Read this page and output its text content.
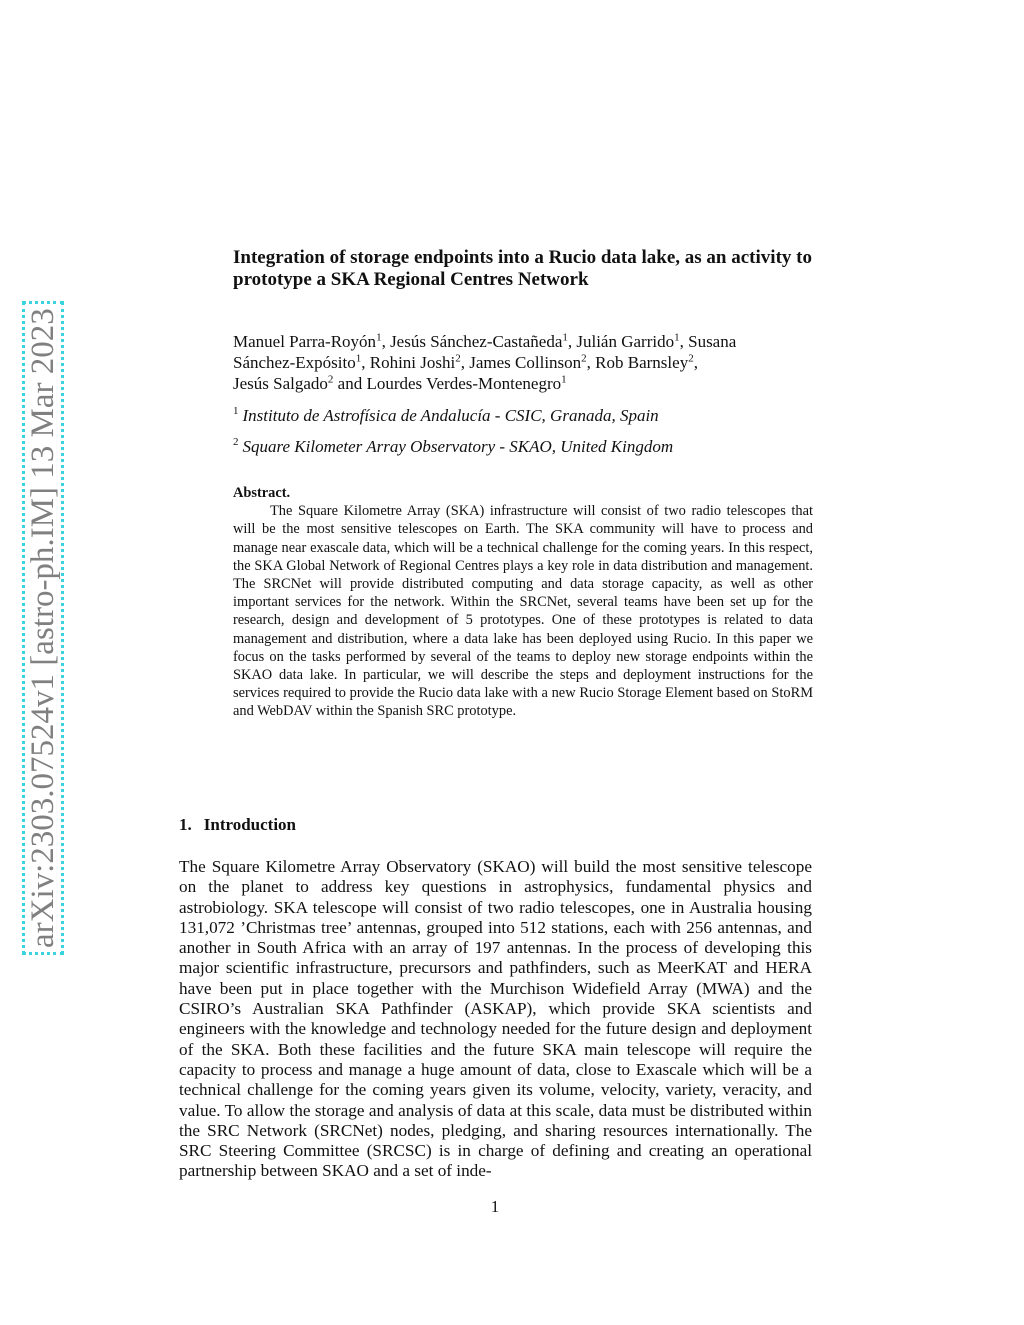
arXiv:2303.07524v1 [astro-ph.IM] 13 Mar 2023
Integration of storage endpoints into a Rucio data lake, as an activity to prototype a SKA Regional Centres Network
Manuel Parra-Royón$^1$, Jesús Sánchez-Castañeda$^1$, Julián Garrido$^1$, Susana
Sánchez-Expósito$^1$, Rohini Joshi$^2$, James Collinson$^2$, Rob Barnsley$^2$,
Jesús Salgado$^2$ and Lourdes Verdes-Montenegro$^1$
$^1$ Instituto de Astrofísica de Andalucía - CSIC, Granada, Spain
$^2$ Square Kilometer Array Observatory - SKAO, United Kingdom
Abstract.
The Square Kilometre Array (SKA) infrastructure will consist of two radio telescopes that will be the most sensitive telescopes on Earth. The SKA community will have to process and manage near exascale data, which will be a technical challenge for the coming years. In this respect, the SKA Global Network of Regional Centres plays a key role in data distribution and management. The SRCNet will provide distributed computing and data storage capacity, as well as other important services for the network. Within the SRCNet, several teams have been set up for the research, design and development of 5 prototypes. One of these prototypes is related to data management and distribution, where a data lake has been deployed using Rucio. In this paper we focus on the tasks performed by several of the teams to deploy new storage endpoints within the SKAO data lake. In particular, we will describe the steps and deployment instructions for the services required to provide the Rucio data lake with a new Rucio Storage Element based on StoRM and WebDAV within the Spanish SRC prototype.
1. Introduction

The Square Kilometre Array Observatory (SKAO) will build the most sensitive telescope on the planet to address key questions in astrophysics, fundamental physics and astrobiology. SKA telescope will consist of two radio telescopes, one in Australia housing 131,072 ’Christmas tree’ antennas, grouped into 512 stations, each with 256 antennas, and another in South Africa with an array of 197 antennas. In the process of developing this major scientific infrastructure, precursors and pathfinders, such as MeerKAT and HERA have been put in place together with the Murchison Widefield Array (MWA) and the CSIRO’s Australian SKA Pathfinder (ASKAP), which provide SKA scientists and engineers with the knowledge and technology needed for the future design and deployment of the SKA. Both these facilities and the future SKA main telescope will require the capacity to process and manage a huge amount of data, close to Exascale which will be a technical challenge for the coming years given its volume, velocity, variety, veracity, and value. To allow the storage and analysis of data at this scale, data must be distributed within the SRC Network (SRCNet) nodes, pledging, and sharing resources internationally. The SRC Steering Committee (SRCSC) is in charge of defining and creating an operational partnership between SKAO and a set of inde-

1
